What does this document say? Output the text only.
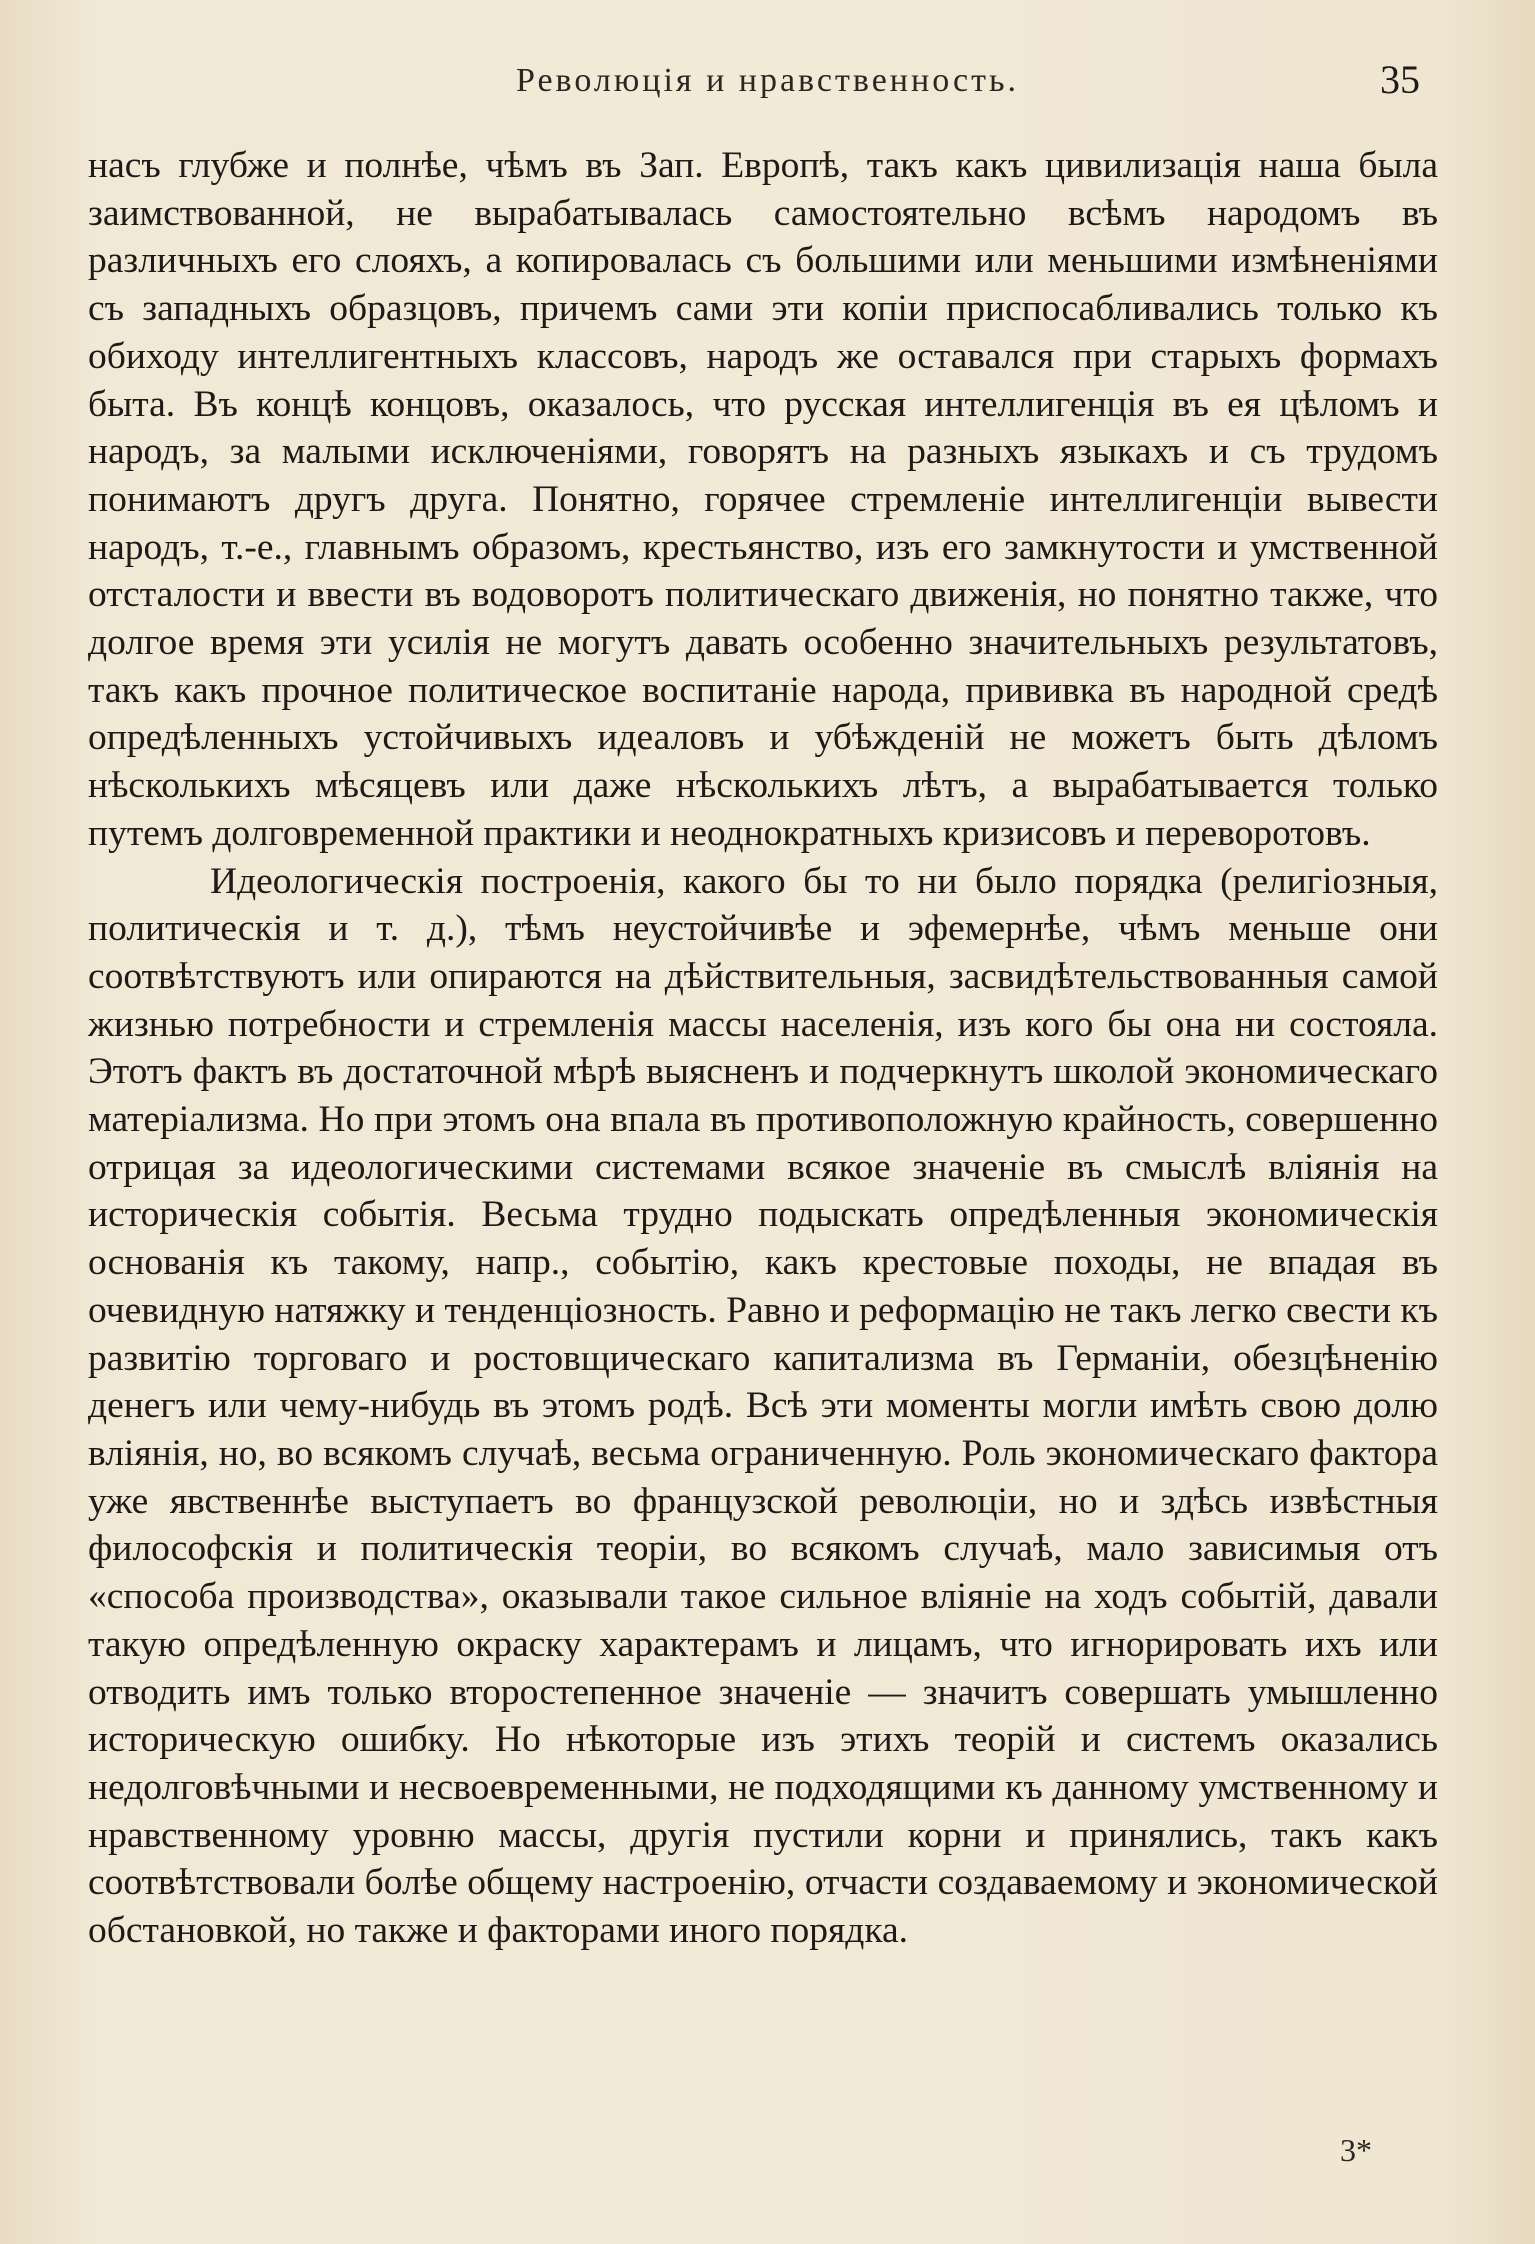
Революція и нравственность.	35

насъ глубже и полнѣе, чѣмъ въ Зап. Европѣ, такъ какъ цивилизація наша была заимствованной, не вырабатывалась самостоятельно всѣмъ народомъ въ различныхъ его слояхъ, а копировалась съ большими или меньшими измѣненіями съ западныхъ образцовъ, причемъ сами эти копіи приспосабливались только къ обиходу интеллигентныхъ классовъ, народъ же оставался при старыхъ формахъ быта. Въ концѣ концовъ, оказалось, что русская интеллигенція въ ея цѣломъ и народъ, за малыми исключеніями, говорятъ на разныхъ языкахъ и съ трудомъ понимаютъ другъ друга. Понятно, горячее стремленіе интеллигенціи вывести народъ, т.-е., главнымъ образомъ, крестьянство, изъ его замкнутости и умственной отсталости и ввести въ водоворотъ политическаго движенія, но понятно также, что долгое время эти усилія не могутъ давать особенно значительныхъ результатовъ, такъ какъ прочное политическое воспитаніе народа, прививка въ народной средѣ опредѣленныхъ устойчивыхъ идеаловъ и убѣжденій не можетъ быть дѣломъ нѣсколькихъ мѣсяцевъ или даже нѣсколькихъ лѣтъ, а вырабатывается только путемъ долговременной практики и неоднократныхъ кризисовъ и переворотовъ.

Идеологическія построенія, какого бы то ни было порядка (религіозныя, политическія и т. д.), тѣмъ неустойчивѣе и эфемернѣе, чѣмъ меньше они соотвѣтствуютъ или опираются на дѣйствительныя, засвидѣтельствованныя самой жизнью потребности и стремленія массы населенія, изъ кого бы она ни состояла. Этотъ фактъ въ достаточной мѣрѣ выясненъ и подчеркнутъ школой экономическаго матеріализма. Но при этомъ она впала въ противоположную крайность, совершенно отрицая за идеологическими системами всякое значеніе въ смыслѣ вліянія на историческія событія. Весьма трудно подыскать опредѣленныя экономическія основанія къ такому, напр., событію, какъ крестовые походы, не впадая въ очевидную натяжку и тенденціозность. Равно и реформацію не такъ легко свести къ развитію торговаго и ростовщическаго капитализма въ Германіи, обезцѣненію денегъ или чему-нибудь въ этомъ родѣ. Всѣ эти моменты могли имѣть свою долю вліянія, но, во всякомъ случаѣ, весьма ограниченную. Роль экономическаго фактора уже явственнѣе выступаетъ во французской революціи, но и здѣсь извѣстныя философскія и политическія теоріи, во всякомъ случаѣ, мало зависимыя отъ «способа производства», оказывали такое сильное вліяніе на ходъ событій, давали такую опредѣленную окраску характерамъ и лицамъ, что игнорировать ихъ или отводить имъ только второстепенное значеніе — значитъ совершать умышленно историческую ошибку. Но нѣкоторые изъ этихъ теорій и системъ оказались недолговѣчными и несвоевременными, не подходящими къ данному умственному и нравственному уровню массы, другія пустили корни и принялись, такъ какъ соотвѣтствовали болѣе общему настроенію, отчасти создаваемому и экономической обстановкой, но также и факторами иного порядка.

3*
